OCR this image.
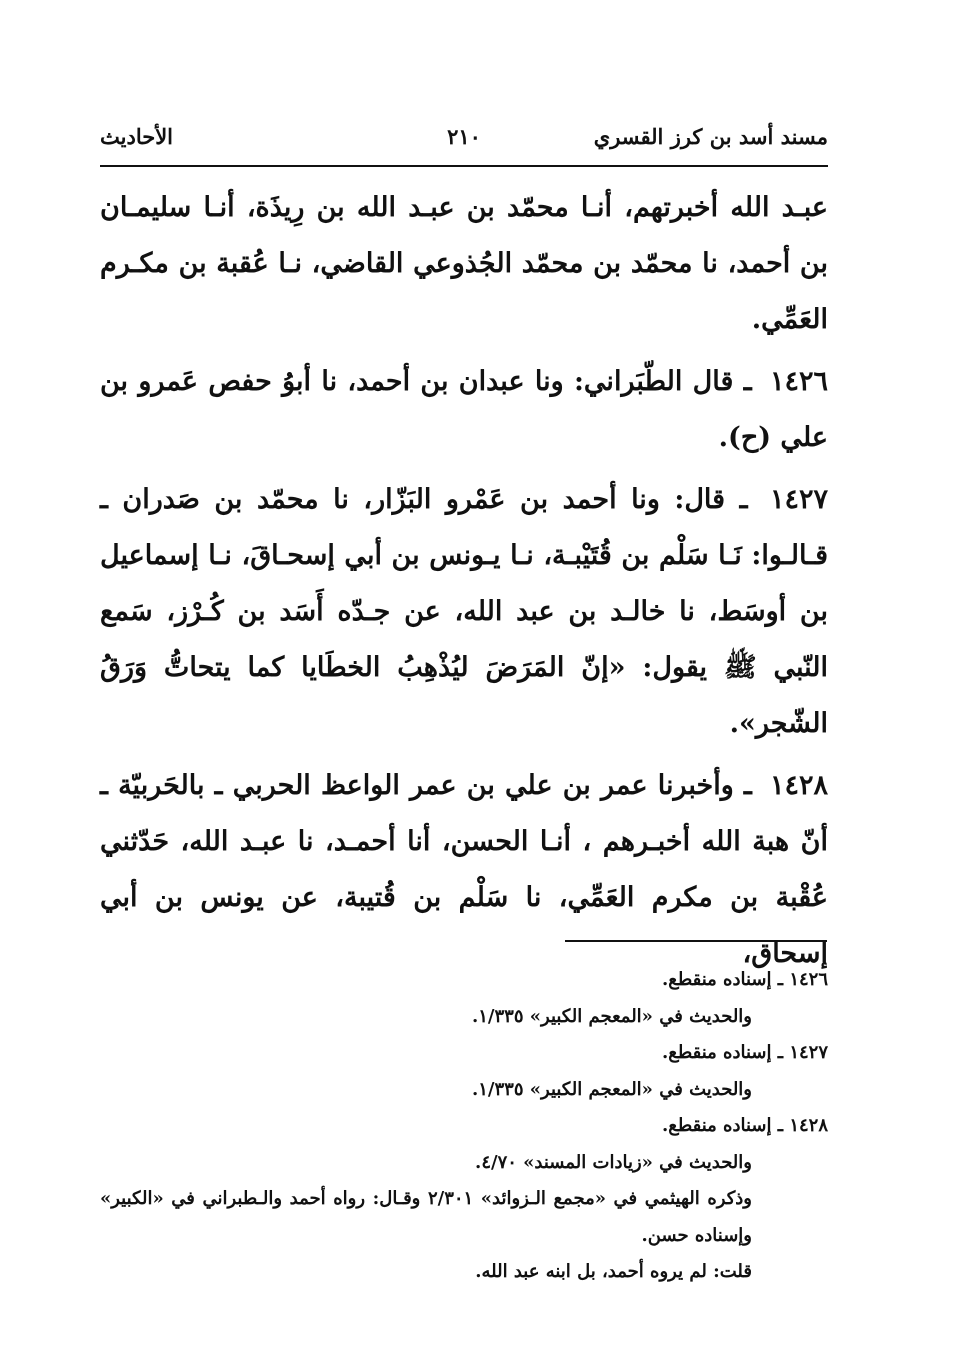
مسند أسد بن كرز القسري
٢١٠
الأحاديث

عبـد الله أخبرتهم، أنـا محمّد بن عبـد الله بن رِيذَة، أنـا سليمـان بن أحمد، نا محمّد بن محمّد الجُذوعي القاضي، نـا عُقبة بن مكـرم العَمِّي.

١٤٢٦ ـ قال الطّبَراني: ونا عبدان بن أحمد، نا أبوُ حفص عَمرو بن علي (ح).

١٤٢٧ ـ قال: ونا أحمد بن عَمْرو البَزّار، نا محمّد بن صَدران ـ قـالـوا: نَـا سَلْم بن قُتَيْبـة، نـا يـونس بن أبي إسحـاقَ، نـا إسماعيل بن أوسَط، نا خالـد بن عبد الله، عن جـدّه أَسَد بن كُـرْز، سَمع النّبي ﷺ يقول: «إنّ المَرَضَ ليُذْهِبُ الخطَايا كما يتحاتُّ وَرَقُ الشّجر».

١٤٢٨ ـ وأخبرنا عمر بن علي بن عمر الواعظ الحربي ـ بالحَربيّة ـ أنّ هبة الله أخبـرهم ، أنـا الحسن، أنا أحمـد، نا عبـد الله، حَدّثني عُقْبة بن مكرم العَمِّي، نا سَلْم بن قُتيبة، عن يونس بن أبي إسحاق،

١٤٢٦ ـ إسناده منقطع.

والحديث في «المعجم الكبير» ١/٣٣٥.

١٤٢٧ ـ إسناده منقطع.

والحديث في «المعجم الكبير» ١/٣٣٥.

١٤٢٨ ـ إسناده منقطع.

والحديث في «زيادات المسند» ٤/٧٠.

وذكره الهيثمي في «مجمع الـزوائد» ٢/٣٠١ وقـال: رواه أحمد والـطبراني في «الكبير» وإسناده حسن.

قلت: لم يروه أحمد، بل ابنه عبد الله.
